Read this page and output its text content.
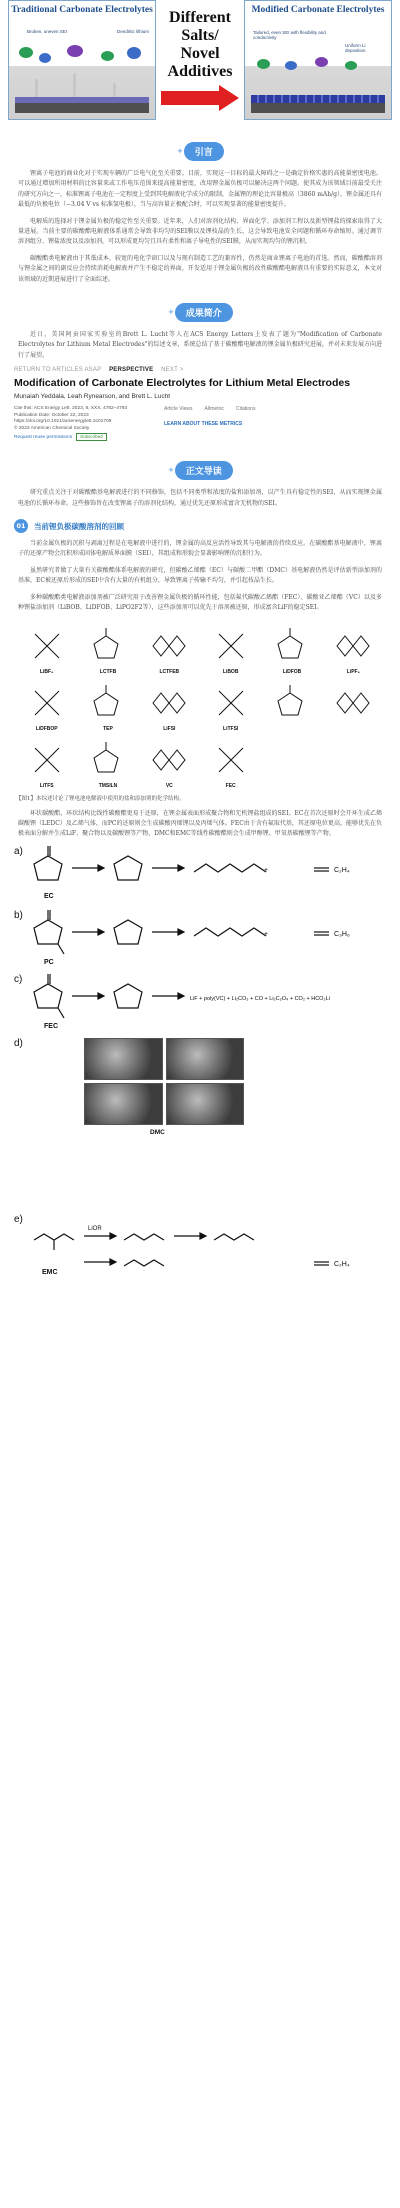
Traditional Carbonate Electrolytes
Broken, uneven SEI	Dendritic lithium
Different
Salts/
Novel
Additives
Modified Carbonate Electrolytes
Tailored, even SEI with flexibility and conductivity
Uniform Li deposition
✦	引言

锂离子电池的商业化对于实现车辆的广泛电气化至关重要。目前，实现这一目标的最大障碍之一是确定价格实惠的高能量密度电池。可以通过增加所用材料的比容量来或工作电压范围来提高能量密度，改用锂金属负极可以解决这两个问题。使其成为该领域目前最受关注的研究方向之一，标准锂离子电池在一定程度上受到其电解液化学成分的限制，金属锂的理论比容量极高（3860 mAh/g），锂金属还具有最低的负极电位（−3.04 V vs 标准氢电极），当与高容量正极配合时，可以实现显著的能量密度提升。

电解质的选择对于锂金属负极的稳定性至关重要。近年来，人们对溶剂化结构、界面化学、添加剂工程以及新型锂盐的探索取得了大量进展。当前主要的碳酸酯电解液体系通常会导致非均匀的SEI膜以及锂枝晶的生长，这会导致电池安全问题和循环寿命缩短。通过调节溶剂组分、锂盐浓度以及添加剂，可以形成更均匀且具有柔性和离子导电性的SEI膜，从而实现均匀的锂沉积。

碳酸酯类电解液由于其低成本、较宽的电化学窗口以及与现有制造工艺的兼容性，仍然是商业锂离子电池的首选。然而，碳酸酯溶剂与锂金属之间的副反应会持续消耗电解液并产生不稳定的界面，开发适用于锂金属负极的改性碳酸酯电解液具有重要的实际意义，本文对该领域的近期进展进行了全面综述。

✦	成果简介

近日，美国阿贡国家实验室的Brett L. Lucht等人在ACS Energy Letters上发表了题为"Modification of Carbonate Electrolytes for Lithium Metal Electrodes"的综述文章，系统总结了基于碳酸酯电解液的锂金属负极研究进展，并对未来发展方向进行了展望。

RETURN TO ARTICLES ASAP PERSPECTIVE NEXT >
Modification of Carbonate Electrolytes for Lithium Metal Electrodes
Munaiah Yeddala, Leah Rynearson, and Brett L. Lucht
Cite this: ACS Energy Lett. 2023, 8, XXX, 4782–4793
Publication Date: October 22, 2023
https://doi.org/10.1021/acsenergylett.3c01709
© 2023 American Chemical Society
Request reuse permissions Subscribed
Article Views Altmetric Citations
LEARN ABOUT THESE METRICS
✦	正文导读

研究重点关注于对碳酸酯基电解液进行的不同修饰，包括不同类型和浓度的盐和添加剂，以产生具有稳定性的SEI，从而实现锂金属电池的长循环寿命。这些修饰旨在改变锂离子的溶剂化结构，通过优先还原形成富含无机物的SEI。

01	当前锂负极碳酸溶剂的回顾

当前金属负极的沉积与剥离过程是在电解液中进行的，锂金属的高反应活性导致其与电解液的持续反应。在碳酸酯基电解液中，锂离子的还原产物会沉积形成固体电解质界面膜（SEI），其组成和形貌会显著影响锂的沉积行为。

虽然研究者做了大量有关碳酸酯体系电解液的研究，但碳酸乙烯酯（EC）与碳酸二甲酯（DMC）基电解液仍然是评估新型添加剂的基准，EC被还原后形成的SEI中含有大量的有机组分，导致锂离子传输不均匀，并引起枝晶生长。

多种碳酸酯类电解液添加剂被广泛研究用于改善锂金属负极的循环性能，包括氟代碳酸乙烯酯（FEC）、碳酸亚乙烯酯（VC）以及多种锂盐添加剂（LiBOB、LiDFOB、LiPO2F2等），这些添加剂可以优先于溶剂被还原，形成富含LiF的稳定SEI。

LiBF₄	LCTFB	LCTFEB	LiBOB	LiDFOB	LiPF₆
LiDFBOP	TEP	LiFSI	LiTFSI
LiTFS	TMSILN	VC	FEC
【图1】本综述讨论了锂电池电解液中使用的盐和添加剂的化学结构。

环状碳酸酯，环状结构比线性碳酸酯更易于还原，在锂金属表面形成聚合物和无机锂盐组成的SEI。EC在首次还原时会开环生成乙烯碳酸锂（LEDC）及乙烯气体，而PC的还原则会生成碳酸丙烯锂以及丙烯气体。FEC由于含有氟取代基，其还原电位更高，能够优先在负极表面分解并生成LiF、聚合物以及碳酸锂等产物，DMC和EMC等线性碳酸酯则会生成甲醇锂、甲氧基碳酸锂等产物。

a)
EC
+	C₂H₄
b)
PC
+	C₃H₆
c)
FEC
LiF + poly(VC) + Li₂CO₃ + CO + Li₂C₂O₄ + CO₂ + HCO₂Li
d)
DMC
e)
EMC
LiOR
C₂H₄
